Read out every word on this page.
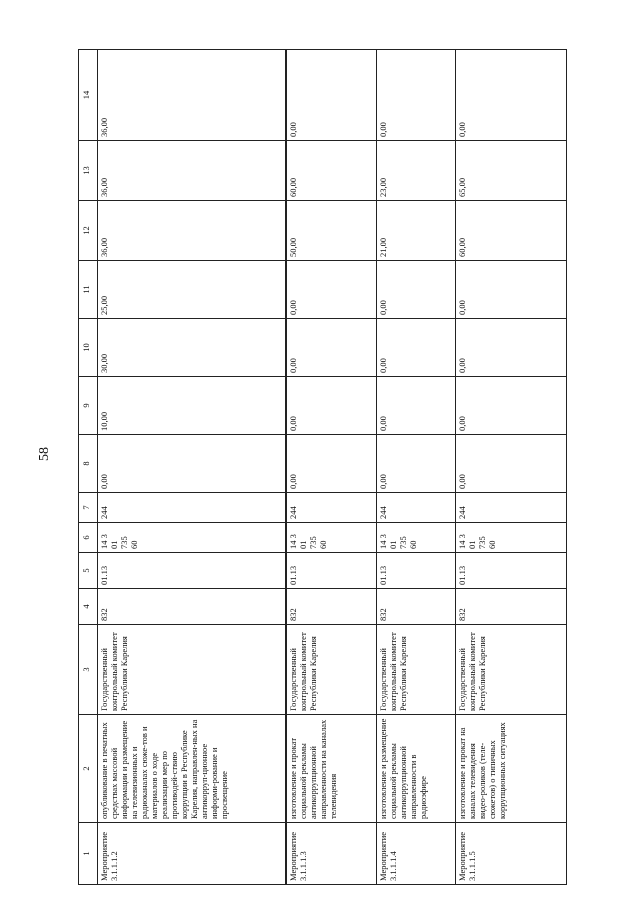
58
1	2	3	4	5	6	7	8	9	10	11	12	13	14
Мероприятие 3.1.1.1.2	опубликование в печатных средствах массовой информации и размещение на телевизионных и радиоканалах сюже-тов и материалов о ходе реализации мер по противодей-ствию коррупции в Республике Карелия, направлен-ных на антикорруп-ционное информи-рование и просвещение	Государственный контрольный комитет Республики Карелия	832	01.13	14 3 01 735 60	244	0,00	10,00	30,00	25,00	36,00	36,00	36,00
Мероприятие 3.1.1.1.3	изготовление и прокат социальной рекламы антикоррупционной направленности на каналах телевидения	Государственный контрольный комитет Республики Карелия	832	01.13	14 3 01 735 60	244	0,00	0,00	0,00	0,00	50,00	60,00	0,00
Мероприятие 3.1.1.1.4	изготовление и размещение социальной рекламы антикоррупционной направленности в радиоэфире	Государственный контрольный комитет Республики Карелия	832	01.13	14 3 01 735 60	244	0,00	0,00	0,00	0,00	21,00	23,00	0,00
Мероприятие 3.1.1.1.5	изготовление и прокат на каналах телевидения видео-роликов (теле-сюжетов) о типичных коррупционных ситуациях	Государственный контрольный комитет Республики Карелия	832	01.13	14 3 01 735 60	244	0,00	0,00	0,00	0,00	60,00	65,00	0,00
